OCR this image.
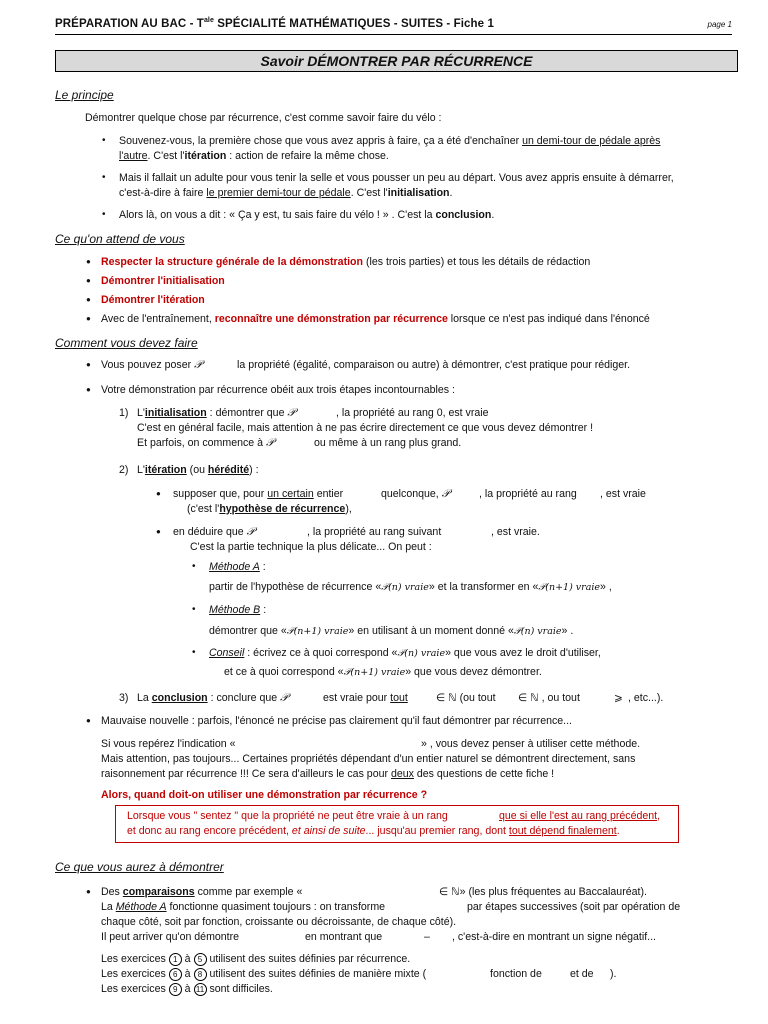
PRÉPARATION AU BAC - $T^{ale}$ SPÉCIALITÉ MATHÉMATIQUES - SUITES - Fiche 1	page 1
Savoir DÉMONTRER PAR RÉCURRENCE
Le principe
Démontrer quelque chose par récurrence, c'est comme savoir faire du vélo :
• Souvenez-vous, la première chose que vous avez appris à faire, ça a été d'enchaîner un demi-tour de pédale après
l'autre. C'est l'itération : action de refaire la même chose.
• Mais il fallait un adulte pour vous tenir la selle et vous pousser un peu au départ. Vous avez appris ensuite à démarrer,
c'est-à-dire à faire le premier demi-tour de pédale. C'est l'initialisation.
• Alors là, on vous a dit : « Ça y est, tu sais faire du vélo ! » . C'est la conclusion.
Ce qu'on attend de vous
● Respecter la structure générale de la démonstration (les trois parties) et tous les détails de rédaction
● Démontrer l'initialisation
● Démontrer l'itération
● Avec de l'entraînement, reconnaître une démonstration par récurrence lorsque ce n'est pas indiqué dans l'énoncé
Comment vous devez faire
● Vous pouvez poser 𝒫	la propriété (égalité, comparaison ou autre) à démontrer, c'est pratique pour rédiger.
● Votre démonstration par récurrence obéit aux trois étapes incontournables :
1) L'initialisation : démontrer que 𝒫	, la propriété au rang 0, est vraie
C'est en général facile, mais attention à ne pas écrire directement ce que vous devez démontrer !
Et parfois, on commence à 𝒫	ou même à un rang plus grand.
2) L'itération (ou hérédité) :
● supposer que, pour un certain entier	quelconque, 𝒫	, la propriété au rang , est vraie
(c'est l'hypothèse de récurrence),
● en déduire que 𝒫	, la propriété au rang suivant	, est vraie.
C'est la partie technique la plus délicate... On peut :
• Méthode A :
partir de l'hypothèse de récurrence «𝒫(n) vraie» et la transformer en «𝒫(n+1) vraie» ,
• Méthode B :
démontrer que «𝒫(n+1) vraie» en utilisant à un moment donné «𝒫(n) vraie» .
• Conseil : écrivez ce à quoi correspond «𝒫(n) vraie» que vous avez le droit d'utiliser,
et ce à quoi correspond «𝒫(n+1) vraie» que vous devez démontrer.
3) La conclusion : conclure que 𝒫	est vraie pour tout	∈ ℕ (ou tout ∈ ℕ , ou tout	⩾ , etc...).
● Mauvaise nouvelle : parfois, l'énoncé ne précise pas clairement qu'il faut démontrer par récurrence...
Si vous repérez l'indication «	» , vous devez penser à utiliser cette méthode.
Mais attention, pas toujours... Certaines propriétés dépendant d'un entier naturel se démontrent directement, sans
raisonnement par récurrence !!! Ce sera d'ailleurs le cas pour deux des questions de cette fiche !
Alors, quand doit-on utiliser une démonstration par récurrence ?
Lorsque vous " sentez " que la propriété ne peut être vraie à un rang	que si elle l'est au rang précédent,
et donc au rang encore précédent, et ainsi de suite... jusqu'au premier rang, dont tout dépend finalement.
Ce que vous aurez à démontrer
● Des comparaisons comme par exemple «	∈ ℕ» (les plus fréquentes au Baccalauréat).
La Méthode A fonctionne quasiment toujours : on transforme	par étapes successives (soit par opération de
chaque côté, soit par fonction, croissante ou décroissante, de chaque côté).
Il peut arriver qu'on démontre	en montrant que	– , c'est-à-dire en montrant un signe négatif...
Les exercices 1 à 5 utilisent des suites définies par récurrence.
Les exercices 6 à 8 utilisent des suites définies de manière mixte (	fonction de	et de ).
Les exercices 9 à 11 sont difficiles.
